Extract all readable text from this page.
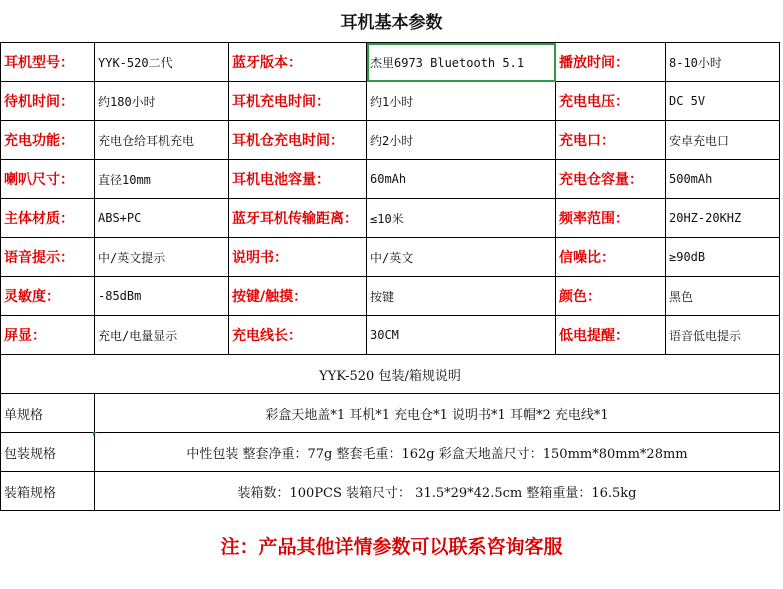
耳机基本参数
耳机型号：	YYK-520二代	蓝牙版本：	杰里6973 Bluetooth 5.1	播放时间：	8-10小时
待机时间：	约180小时	耳机充电时间：	约1小时	充电电压：	DC 5V
充电功能：	充电仓给耳机充电	耳机仓充电时间：	约2小时	充电口：	安卓充电口
喇叭尺寸：	直径10mm	耳机电池容量：	60mAh	充电仓容量：	500mAh
主体材质：	ABS+PC	蓝牙耳机传输距离：	≤10米	频率范围：	20HZ-20KHZ
语音提示：	中/英文提示	说明书：	中/英文	信噪比：	≥90dB
灵敏度：	-85dBm	按键/触摸：	按键	颜色：	黑色
屏显：	充电/电量显示	充电线长：	30CM	低电提醒：	语音低电提示
YYK-520 包装/箱规说明					
单规格	彩盒天地盖*1 耳机*1 充电仓*1 说明书*1 耳帽*2 充电线*1				
包装规格	中性包装 整套净重：77g 整套毛重：162g 彩盒天地盖尺寸：150mm*80mm*28mm				
装箱规格	装箱数：100PCS 装箱尺寸： 31.5*29*42.5cm 整箱重量：16.5kg				
注：产品其他详情参数可以联系咨询客服
